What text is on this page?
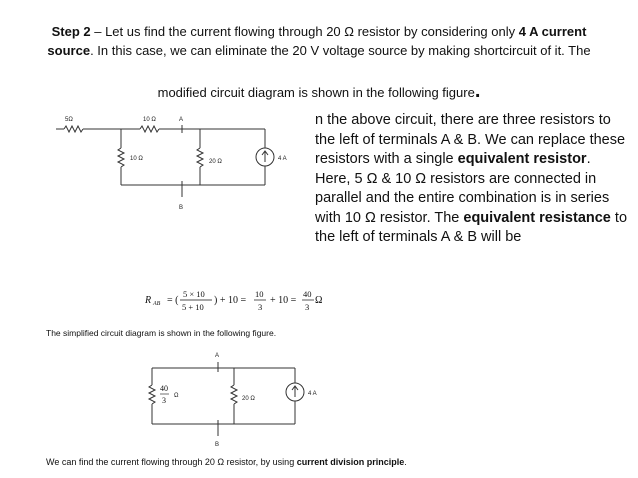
Step 2 – Let us find the current flowing through 20 Ω resistor by considering only 4 A current source. In this case, we can eliminate the 20 V voltage source by making shortcircuit of it. The
modified circuit diagram is shown in the following figure.
n the above circuit, there are three resistors to the left of terminals A & B. We can replace these resistors with a single equivalent resistor. Here, 5 Ω & 10 Ω resistors are connected in parallel and the entire combination is in series with 10 Ω resistor. The equivalent resistance to the left of terminals A & B will be
5Ω	10 Ω
10 Ω	20 Ω
A
B
4 A
R AB = (
5 × 10
5 + 10
) + 10 =
10
3
+ 10 =
40
3
Ω
40
3 Ω	20 Ω
A
B
4 A
The simplified circuit diagram is shown in the following figure.
We can find the current flowing through 20 Ω resistor, by using current division principle.
